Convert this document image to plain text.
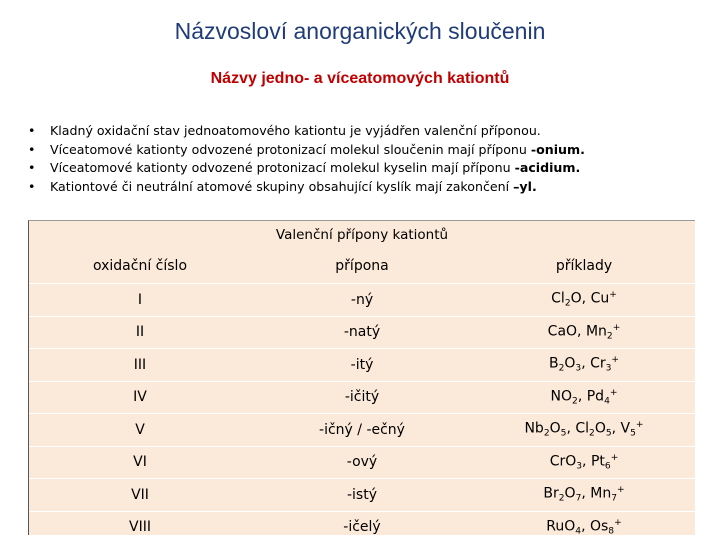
Názvosloví anorganických sloučenin
Názvy jedno- a víceatomových kationtů
• Kladný oxidační stav jednoatomového kationtu je vyjádřen valenční příponou.
• Víceatomové kationty odvozené protonizací molekul sloučenin mají příponu -onium.
• Víceatomové kationty odvozené protonizací molekul kyselin mají příponu -acidium.
• Kationtové či neutrální atomové skupiny obsahující kyslík mají zakončení –yl.
Valenční přípony kationtů
oxidační číslo	přípona	příklady
I	-ný	$Cl_2O$, Cu+
II	-natý	CaO, $Mn_2^+$
III	-itý	$B_2O_3$, $Cr_3^+$
IV	-ičitý	$NO_2$, $Pd_4^+$
V	-ičný / -ečný	$Nb_2O_5$, $Cl_2O_5$, $V_5^+$
VI	-ový	CrO$_3$, $Pt_6^+$
VII	-istý	$Br_2O_7$, $Mn_7^+$
VIII	-ičelý	RuO$_4$, $Os_8^+$
